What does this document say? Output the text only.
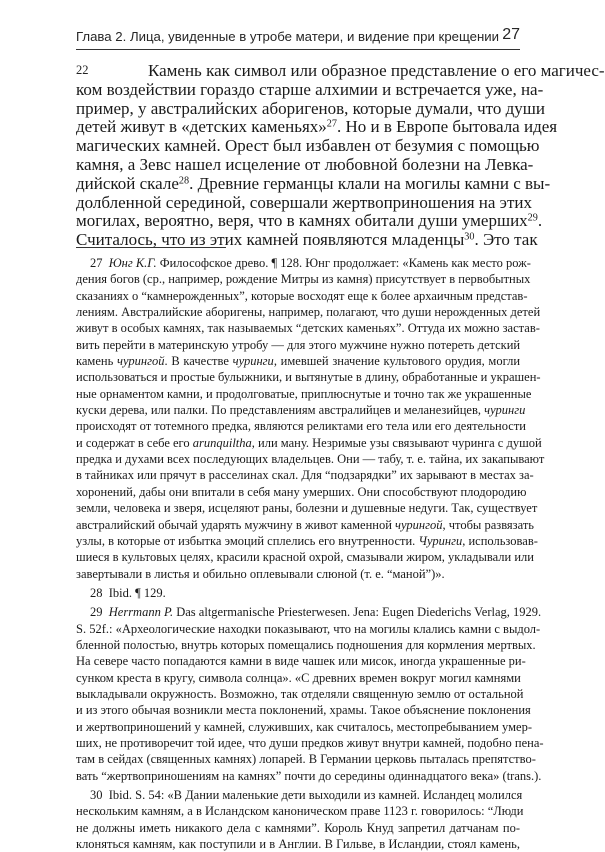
Глава 2. Лица, увиденные в утробе матери, и видение при крещении 27
22	Камень как символ или образное представление о его магичес-
ком воздействии гораздо старше алхимии и встречается уже, на-
пример, у австралийских аборигенов, которые думали, что души
детей живут в «детских каменьях»$^{27}$. Но и в Европе бытовала идея
магических камней. Орест был избавлен от безумия с помощью
камня, а Зевс нашел исцеление от любовной болезни на Левка-
дийской скале$^{28}$. Древние германцы клали на могилы камни с вы-
долбленной серединой, совершали жертвоприношения на этих
могилах, вероятно, веря, что в камнях обитали души умерших$^{29}$.
Считалось, что из этих камней появляются младенцы$^{30}$. Это так
27 Юнг К.Г. Философское древо. ¶ 128. Юнг продолжает: «Камень как место рож-
дения богов (ср., например, рождение Митры из камня) присутствует в первобытных
сказаниях о “камнерожденных”, которые восходят еще к более архаичным представ-
лениям. Австралийские аборигены, например, полагают, что души нерожденных детей
живут в особых камнях, так называемых “детских каменьях”. Оттуда их можно застав-
вить перейти в материнскую утробу — для этого мужчине нужно потереть детский
камень чурингой. В качестве чуринги, имевшей значение культового орудия, могли
использоваться и простые булыжники, и вытянутые в длину, обработанные и украшен-
ные орнаментом камни, и продолговатые, приплюснутые и точно так же украшенные
куски дерева, или палки. По представлениям австралийцев и меланезийцев, чуринги
происходят от тотемного предка, являются реликтами его тела или его деятельности
и содержат в себе его arunquiltha, или ману. Незримые узы связывают чуринга с душой
предка и духами всех последующих владельцев. Они — табу, т. е. тайна, их закапывают
в тайниках или прячут в расселинах скал. Для “подзарядки” их зарывают в местах за-
хоронений, дабы они впитали в себя ману умерших. Они способствуют плодородию
земли, человека и зверя, исцеляют раны, болезни и душевные недуги. Так, существует
австралийский обычай ударять мужчину в живот каменной чурингой, чтобы развязать
узлы, в которые от избытка эмоций сплелись его внутренности. Чуринги, использовав-
шиеся в культовых целях, красили красной охрой, смазывали жиром, укладывали или
завертывали в листья и обильно оплевывали слюной (т. е. “маной”)».
28 Ibid. ¶ 129.
29 Herrmann P. Das altgermanische Priesterwesen. Jena: Eugen Diederichs Verlag, 1929.
S. 52f.: «Археологические находки показывают, что на могилы клались камни с выдол-
бленной полостью, внутрь которых помещались подношения для кормления мертвых.
На севере часто попадаются камни в виде чашек или мисок, иногда украшенные ри-
сунком креста в кругу, символа солнца». «С древних времен вокруг могил камнями
выкладывали окружность. Возможно, так отделяли священную землю от остальной
и из этого обычая возникли места поклонений, храмы. Такое объяснение поклонения
и жертвоприношений у камней, служивших, как считалось, местопребыванием умер-
ших, не противоречит той идее, что души предков живут внутри камней, подобно пена-
там в сейдах (священных камнях) лопарей. В Германии церковь пыталась препятство-
вать “жертвоприношениям на камнях” почти до середины одиннадцатого века» (trans.).
30 Ibid. S. 54: «В Дании маленькие дети выходили из камней. Исландец молился
нескольким камням, а в Исландском каноническом праве 1123 г. говорилось: “Люди
не должны иметь никакого дела с камнями”. Король Кнуд запретил датчанам по-
клоняться камням, как поступили и в Англии. В Гильве, в Исландии, стоял камень,
